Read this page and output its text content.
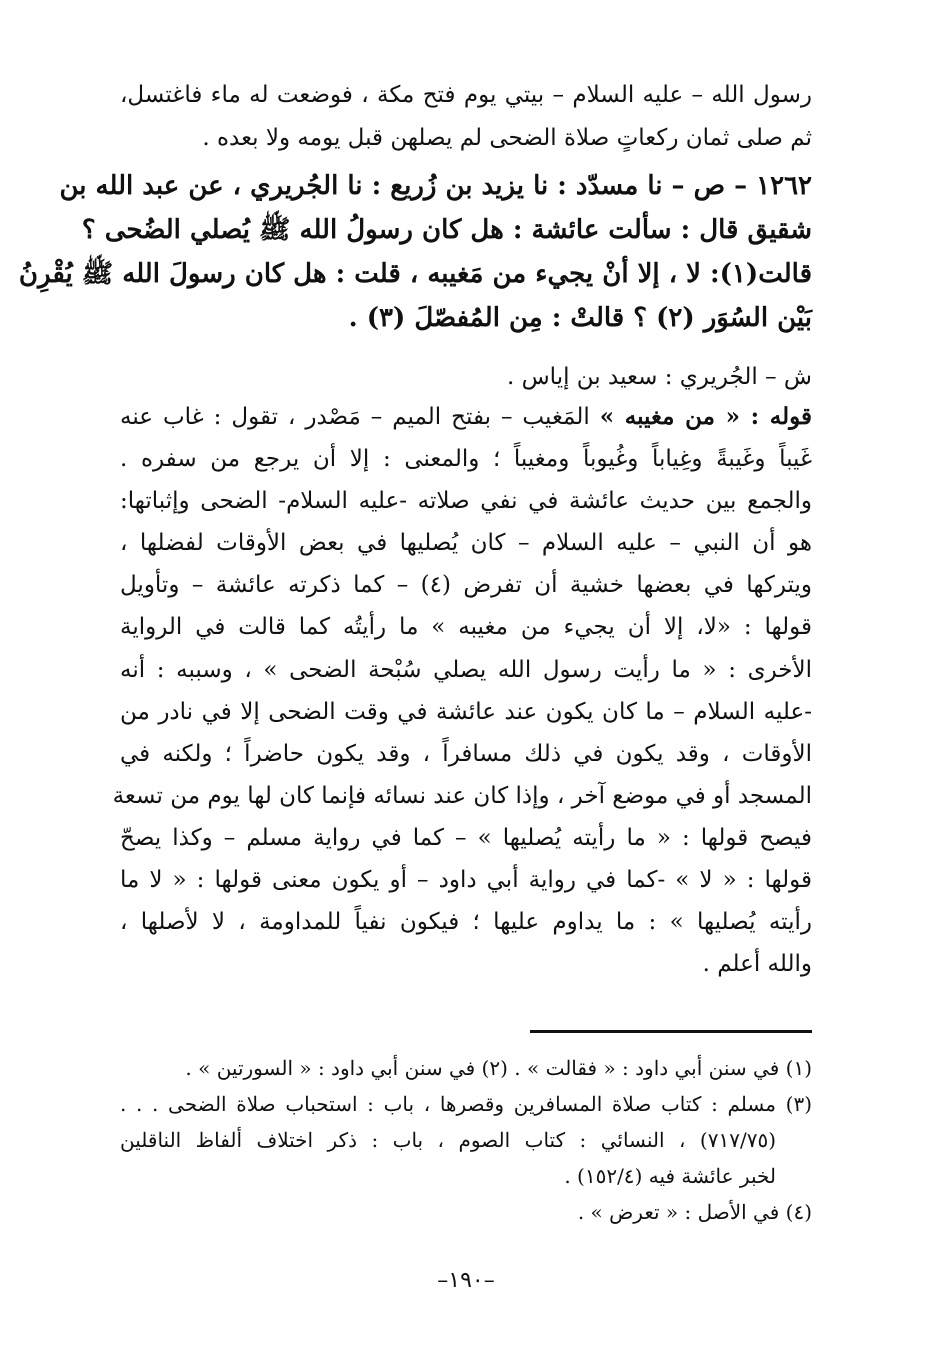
رسول الله – عليه السلام – بيتي يوم فتح مكة ، فوضعت له ماء فاغتسل،
ثم صلى ثمان ركعاتٍ صلاة الضحى لم يصلهن قبل يومه ولا بعده .
١٢٦٢ – ص – نا مسدّد : نا يزيد بن زُريع : نا الجُريري ، عن عبد الله بن
شقيق قال : سألت عائشة : هل كان رسولُ الله ﷺ يُصلي الضُحى ؟
قالت(١): لا ، إلا أنْ يجيء من مَغيبه ، قلت : هل كان رسولَ الله ﷺ يُقْرِنُ
بَيْن السُوَر (٢) ؟ قالتْ : مِن المُفصّلَ (٣) .
ش – الجُريري : سعيد بن إياس .
قوله : « من مغيبه » المَغيب – بفتح الميم – مَصْدر ، تقول : غاب عنه
غَيباً وغَيبةً وغِياباً وغُيوباً ومغيباً ؛ والمعنى : إلا أن يرجع من سفره .
والجمع بين حديث عائشة في نفي صلاته -عليه السلام- الضحى وإثباتها:
هو أن النبي – عليه السلام – كان يُصليها في بعض الأوقات لفضلها ،
ويتركها في بعضها خشية أن تفرض (٤) – كما ذكرته عائشة – وتأويل
قولها : «لا، إلا أن يجيء من مغيبه » ما رأيتُه كما قالت في الرواية
الأخرى : « ما رأيت رسول الله يصلي سُبْحة الضحى » ، وسببه : أنه
-عليه السلام – ما كان يكون عند عائشة في وقت الضحى إلا في نادر من
الأوقات ، وقد يكون في ذلك مسافراً ، وقد يكون حاضراً ؛ ولكنه في
المسجد أو في موضع آخر ، وإذا كان عند نسائه فإنما كان لها يوم من تسعة
فيصح قولها : « ما رأيته يُصليها » – كما في رواية مسلم – وكذا يصحّ
قولها : « لا » -كما في رواية أبي داود – أو يكون معنى قولها : « لا ما
رأيته يُصليها » : ما يداوم عليها ؛ فيكون نفياً للمداومة ، لا لأصلها ،
والله أعلم .
(١) في سنن أبي داود : « فقالت » . (٢) في سنن أبي داود : « السورتين » .
(٣) مسلم : كتاب صلاة المسافرين وقصرها ، باب : استحباب صلاة الضحى . . .
(٧١٧/٧٥) ، النسائي : كتاب الصوم ، باب : ذكر اختلاف ألفاظ الناقلين
لخبر عائشة فيه (١٥٢/٤) .
(٤) في الأصل : « تعرض » .
–١٩٠–
